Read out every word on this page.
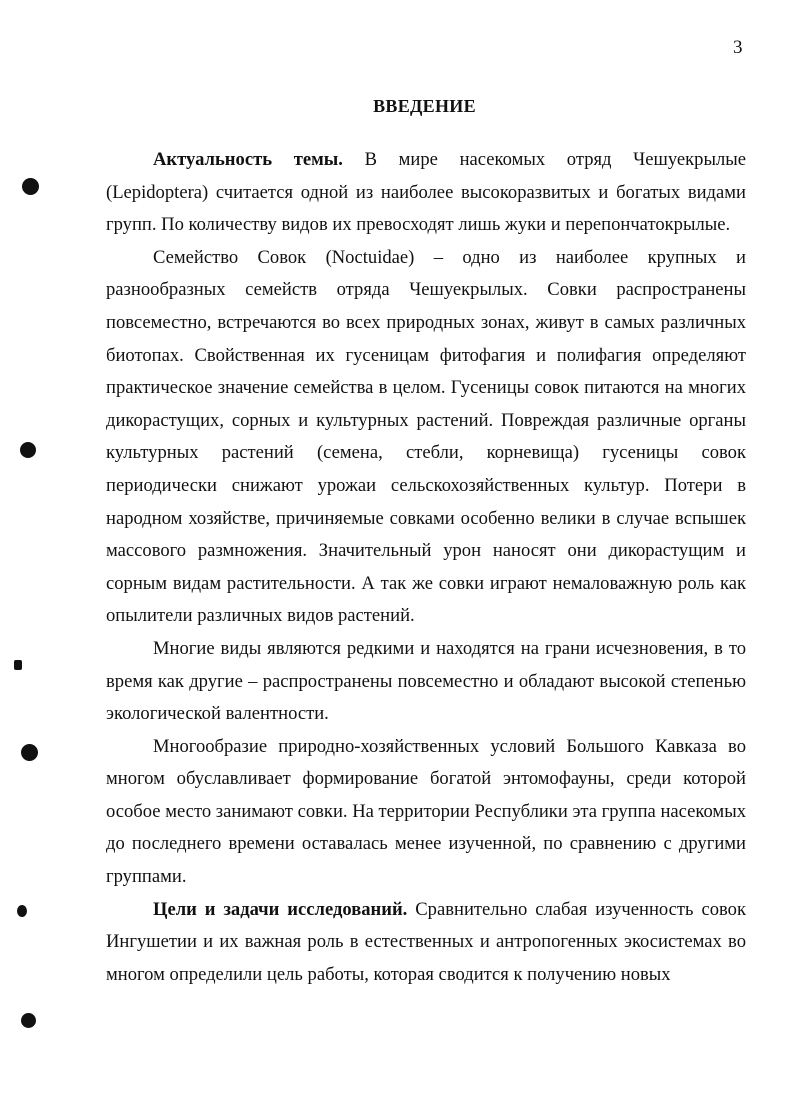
3
ВВЕДЕНИЕ

Актуальность темы. В мире насекомых отряд Чешуекрылые (Lepidoptera) считается одной из наиболее высокоразвитых и богатых видами групп. По количеству видов их превосходят лишь жуки и перепончатокрылые.

Семейство Совок (Noctuidae) – одно из наиболее крупных и разнообразных семейств отряда Чешуекрылых. Совки распространены повсеместно, встречаются во всех природных зонах, живут в самых различных биотопах. Свойственная их гусеницам фитофагия и полифагия определяют практическое значение семейства в целом. Гусеницы совок питаются на многих дикорастущих, сорных и культурных растений. Повреждая различные органы культурных растений (семена, стебли, корневища) гусеницы совок периодически снижают урожаи сельскохозяйственных культур. Потери в народном хозяйстве, причиняемые совками особенно велики в случае вспышек массового размножения. Значительный урон наносят они дикорастущим и сорным видам растительности. А так же совки играют немаловажную роль как опылители различных видов растений.

Многие виды являются редкими и находятся на грани исчезновения, в то время как другие – распространены повсеместно и обладают высокой степенью экологической валентности.

Многообразие природно-хозяйственных условий Большого Кавказа во многом обуславливает формирование богатой энтомофауны, среди которой особое место занимают совки. На территории Республики эта группа насекомых до последнего времени оставалась менее изученной, по сравнению с другими группами.

Цели и задачи исследований. Сравнительно слабая изученность совок Ингушетии и их важная роль в естественных и антропогенных экосистемах во многом определили цель работы, которая сводится к получению новых
